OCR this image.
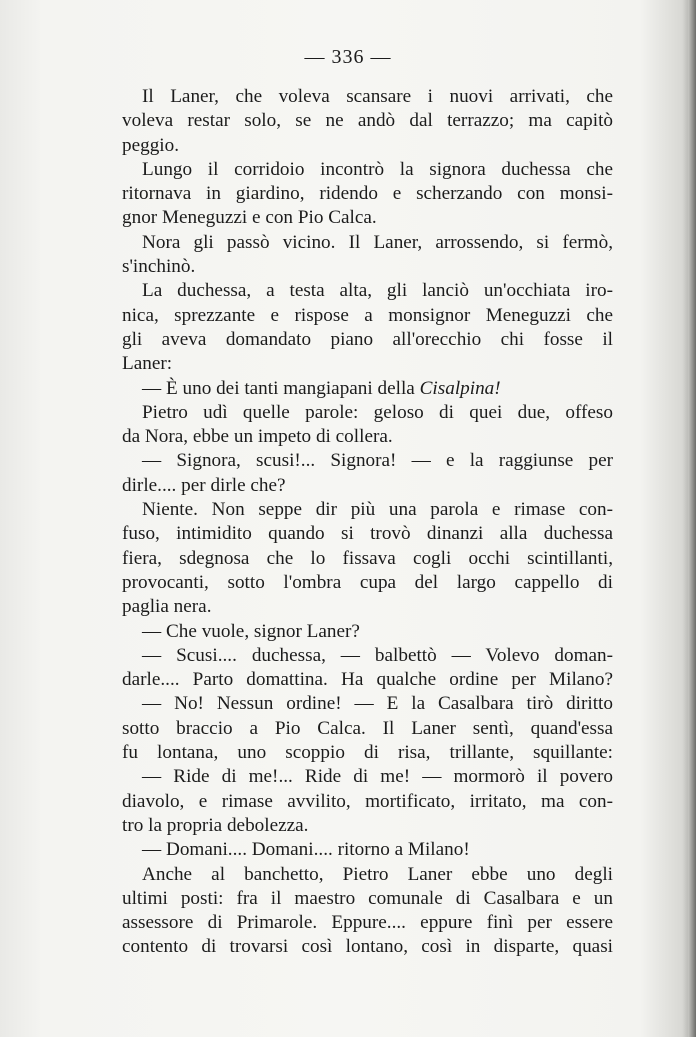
— 336 —
Il Laner, che voleva scansare i nuovi arrivati, che
voleva restar solo, se ne andò dal terrazzo; ma capitò
peggio.
Lungo il corridoio incontrò la signora duchessa che
ritornava in giardino, ridendo e scherzando con monsi-
gnor Meneguzzi e con Pio Calca.
Nora gli passò vicino. Il Laner, arrossendo, si fermò,
s'inchinò.
La duchessa, a testa alta, gli lanciò un'occhiata iro-
nica, sprezzante e rispose a monsignor Meneguzzi che
gli aveva domandato piano all'orecchio chi fosse il
Laner:
— È uno dei tanti mangiapani della Cisalpina!
Pietro udì quelle parole: geloso di quei due, offeso
da Nora, ebbe un impeto di collera.
— Signora, scusi!... Signora! — e la raggiunse per
dirle.... per dirle che?
Niente. Non seppe dir più una parola e rimase con-
fuso, intimidito quando si trovò dinanzi alla duchessa
fiera, sdegnosa che lo fissava cogli occhi scintillanti,
provocanti, sotto l'ombra cupa del largo cappello di
paglia nera.
— Che vuole, signor Laner?
— Scusi.... duchessa, — balbettò — Volevo doman-
darle.... Parto domattina. Ha qualche ordine per Milano?
— No! Nessun ordine! — E la Casalbara tirò diritto
sotto braccio a Pio Calca. Il Laner sentì, quand'essa
fu lontana, uno scoppio di risa, trillante, squillante:
— Ride di me!... Ride di me! — mormorò il povero
diavolo, e rimase avvilito, mortificato, irritato, ma con-
tro la propria debolezza.
— Domani.... Domani.... ritorno a Milano!
Anche al banchetto, Pietro Laner ebbe uno degli
ultimi posti: fra il maestro comunale di Casalbara e un
assessore di Primarole. Eppure.... eppure finì per essere
contento di trovarsi così lontano, così in disparte, quasi
